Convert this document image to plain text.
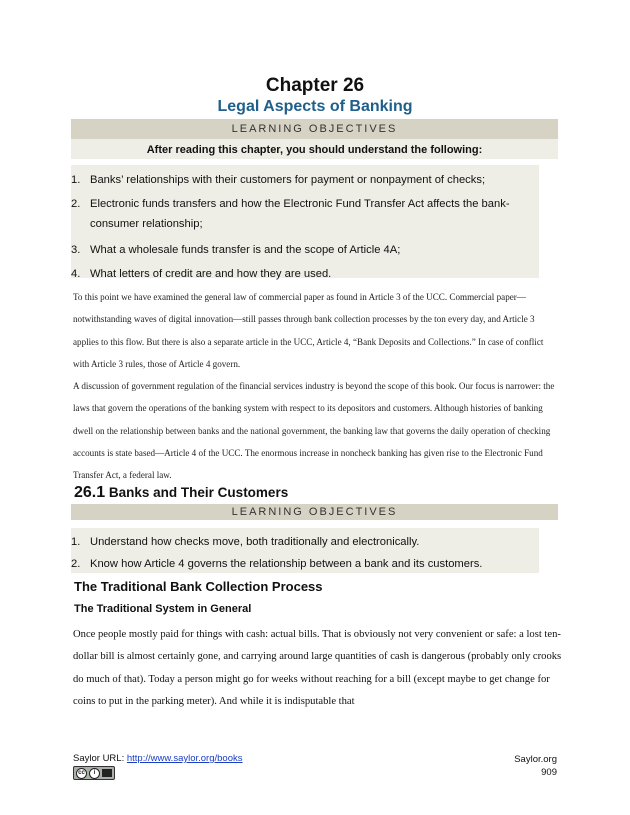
Chapter 26
Legal Aspects of Banking
LEARNING OBJECTIVES
After reading this chapter, you should understand the following:
1. Banks’ relationships with their customers for payment or nonpayment of checks;
2. Electronic funds transfers and how the Electronic Fund Transfer Act affects the bank-
consumer relationship;
3. What a wholesale funds transfer is and the scope of Article 4A;
4. What letters of credit are and how they are used.

To this point we have examined the general law of commercial paper as found in Article 3 of the UCC. Commercial paper—notwithstanding waves of digital innovation—still passes through bank collection processes by the ton every day, and Article 3 applies to this flow. But there is also a separate article in the UCC, Article 4, “Bank Deposits and Collections.” In case of conflict with Article 3 rules, those of Article 4 govern.

A discussion of government regulation of the financial services industry is beyond the scope of this book. Our focus is narrower: the laws that govern the operations of the banking system with respect to its depositors and customers. Although histories of banking dwell on the relationship between banks and the national government, the banking law that governs the daily operation of checking accounts is state based—Article 4 of the UCC. The enormous increase in noncheck banking has given rise to the Electronic Fund Transfer Act, a federal law.

26.1 Banks and Their Customers
LEARNING OBJECTIVES
1. Understand how checks move, both traditionally and electronically.
2. Know how Article 4 governs the relationship between a bank and its customers.
The Traditional Bank Collection Process
The Traditional System in General
Once people mostly paid for things with cash: actual bills. That is obviously not very convenient or safe: a lost ten-dollar bill is almost certainly gone, and carrying around large quantities of cash is dangerous (probably only crooks do much of that). Today a person might go for weeks without reaching for a bill (except maybe to get change for coins to put in the parking meter). And while it is indisputable that
Saylor URL: http://www.saylor.org/books
cc	i
Saylor.org
909
